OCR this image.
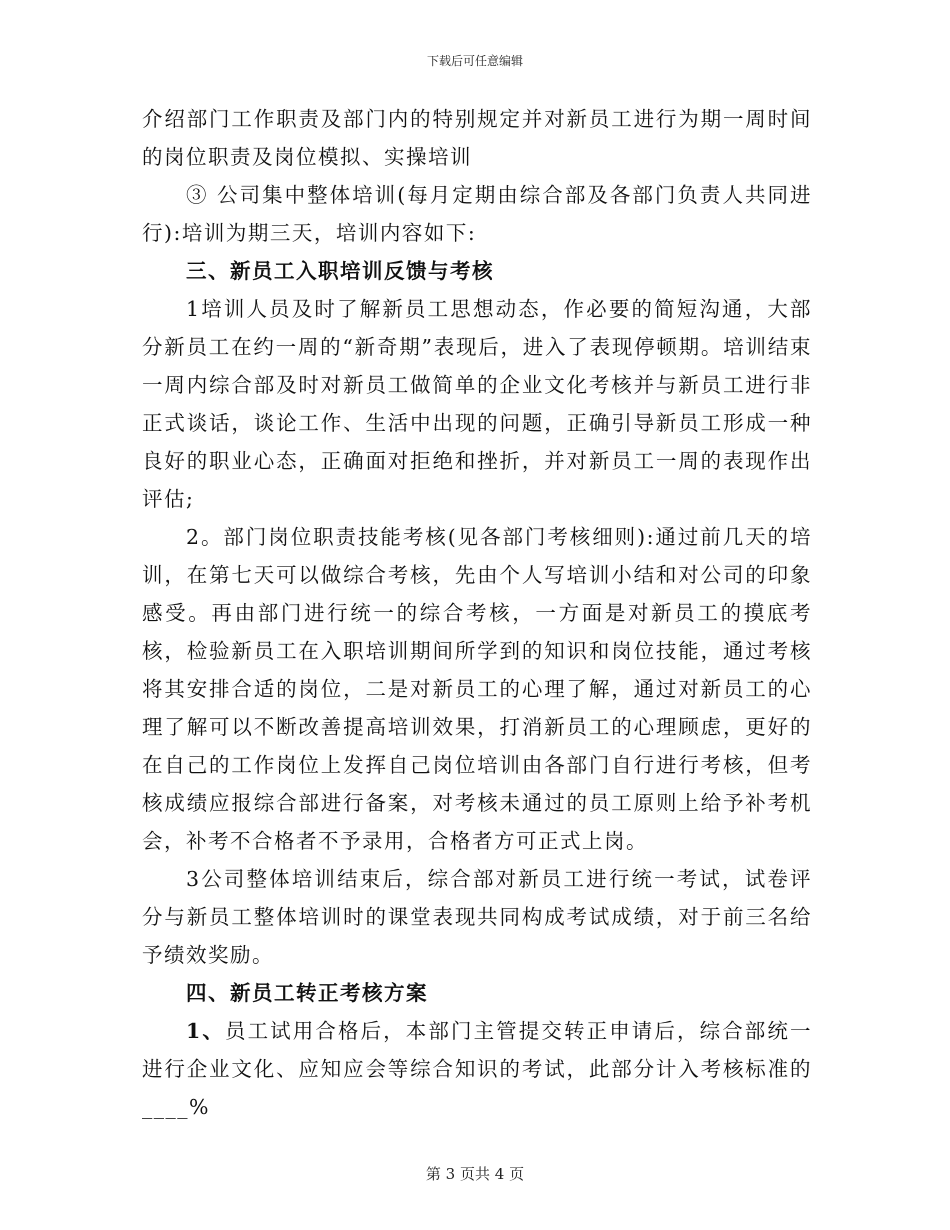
下载后可任意编辑

介绍部门工作职责及部门内的特别规定并对新员工进行为期一周时间的岗位职责及岗位模拟、实操培训

③ 公司集中整体培训(每月定期由综合部及各部门负责人共同进行):培训为期三天，培训内容如下:

三、新员工入职培训反馈与考核

1培训人员及时了解新员工思想动态，作必要的简短沟通，大部分新员工在约一周的“新奇期”表现后，进入了表现停顿期。培训结束一周内综合部及时对新员工做简单的企业文化考核并与新员工进行非正式谈话，谈论工作、生活中出现的问题，正确引导新员工形成一种良好的职业心态，正确面对拒绝和挫折，并对新员工一周的表现作出评估;

2。部门岗位职责技能考核(见各部门考核细则):通过前几天的培训，在第七天可以做综合考核，先由个人写培训小结和对公司的印象感受。再由部门进行统一的综合考核，一方面是对新员工的摸底考核，检验新员工在入职培训期间所学到的知识和岗位技能，通过考核将其安排合适的岗位，二是对新员工的心理了解，通过对新员工的心理了解可以不断改善提高培训效果，打消新员工的心理顾虑，更好的在自己的工作岗位上发挥自己岗位培训由各部门自行进行考核，但考核成绩应报综合部进行备案，对考核未通过的员工原则上给予补考机会，补考不合格者不予录用，合格者方可正式上岗。

3公司整体培训结束后，综合部对新员工进行统一考试，试卷评分与新员工整体培训时的课堂表现共同构成考试成绩，对于前三名给予绩效奖励。

四、新员工转正考核方案

1、员工试用合格后，本部门主管提交转正申请后，综合部统一进行企业文化、应知应会等综合知识的考试，此部分计入考核标准的____%

第 3 页共 4 页
